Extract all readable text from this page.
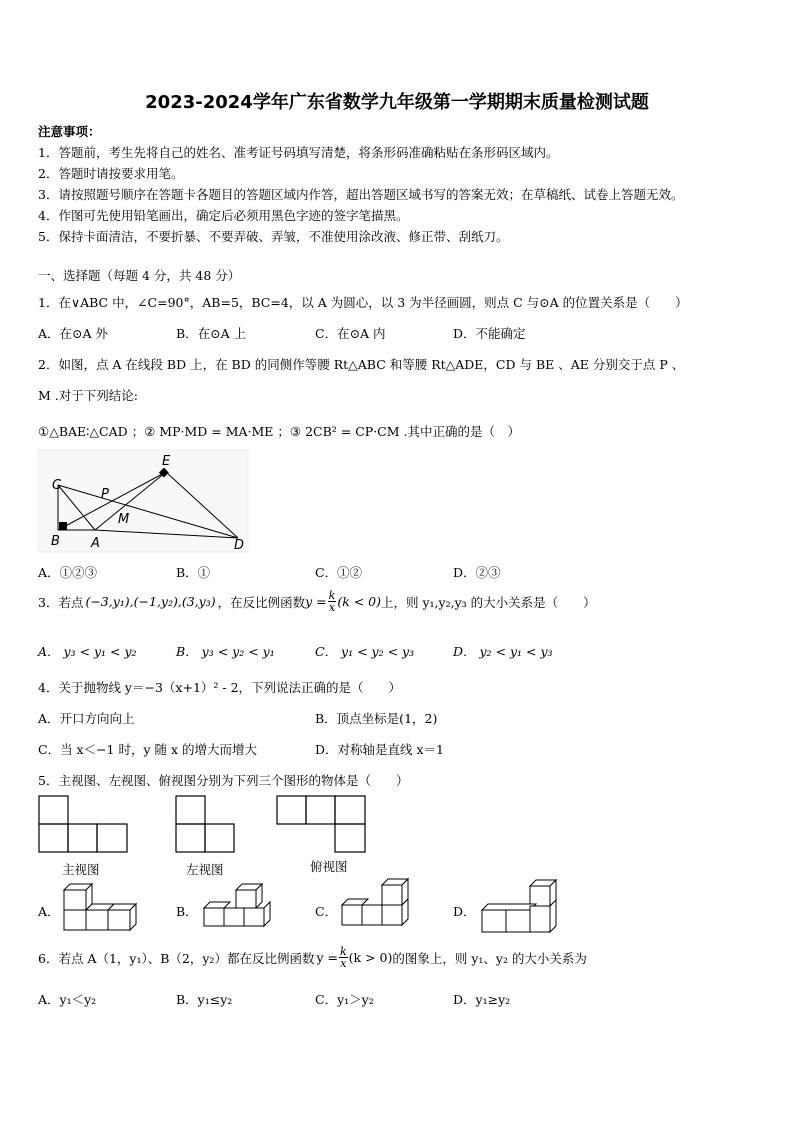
2023-2024学年广东省数学九年级第一学期期末质量检测试题
注意事项：
1．答题前，考生先将自己的姓名、准考证号码填写清楚，将条形码准确粘贴在条形码区域内。
2．答题时请按要求用笔。
3．请按照题号顺序在答题卡各题目的答题区域内作答，超出答题区域书写的答案无效；在草稿纸、试卷上答题无效。
4．作图可先使用铅笔画出，确定后必须用黑色字迹的签字笔描黑。
5．保持卡面清洁，不要折暴、不要弄破、弄皱，不准使用涂改液、修正带、刮纸刀。
一、选择题（每题 4 分，共 48 分）
1．在∨ABC 中，∠C=90°，AB=5，BC=4，以 A 为圆心，以 3 为半径画圆，则点 C 与⊙A 的位置关系是（　　）
A．在⊙A 外	B．在⊙A 上	C．在⊙A 内	D．不能确定
2．如图，点 A 在线段 BD 上，在 BD 的同侧作等腰 Rt△ABC 和等腰 Rt△ADE，CD 与 BE 、AE 分别交于点 P 、
M .对于下列结论:
①△BAE∶△CAD ；② MP·MD = MA·ME ；③ 2CB² = CP·CM .其中正确的是（　）
C
E
P
M
B A	D
A．①②③	B．①	C．①②	D．②③
3．若点 (−3,y₁),(−1,y₂),(3,y₃) ，在反比例函数 $y = \frac{k}{x} (k < 0)$ 上，则 y₁,y₂,y₃ 的大小关系是（　　）
A． y₃ < y₁ < y₂	B． y₃ < y₂ < y₁	C． y₁ < y₂ < y₃	D． y₂ < y₁ < y₃
4．关于抛物线 y＝−3（x+1）² - 2，下列说法正确的是（　　）
A．开口方向向上	B．顶点坐标是(1，2)
C．当 x＜−1 时，y 随 x 的增大而增大	D．对称轴是直线 x＝1
5．主视图、左视图、俯视图分别为下列三个图形的物体是（　　）
主视图	左视图	俯视图
A．	B．	C．	D．
6．若点 A（1，y₁）、B（2，y₂）都在反比例函数 $y = \frac{k}{x} (k > 0)$ 的图象上，则 y₁、y₂ 的大小关系为
A．y₁＜y₂	B．y₁≤y₂	C．y₁＞y₂	D．y₁≥y₂
